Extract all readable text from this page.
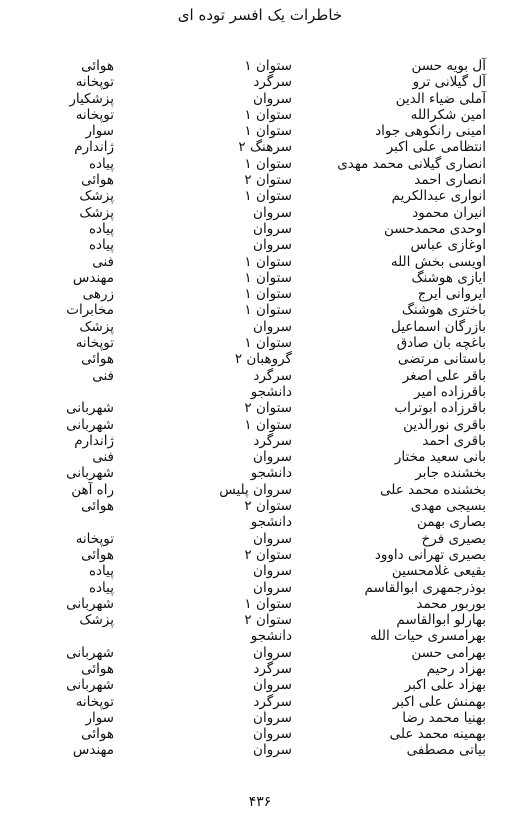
خاطرات یک افسر توده ای
آل بویه حسن
ستوان ۱
هوائی
آل گیلانی ترو
سرگرد
توپخانه
آملی ضیاء الدین
سروان
پزشکیار
امین شکرالله
ستوان ۱
توپخانه
امینی رانکوهی جواد
ستوان ۱
سوار
انتظامی علی اکبر
سرهنگ ۲
ژاندارم
انصاری گیلانی محمد مهدی
ستوان ۱
پیاده
انصاری احمد
ستوان ۲
هوائی
انواری عبدالکریم
ستوان ۱
پزشک
انیران محمود
سروان
پزشک
اوحدی محمدحسن
سروان
پیاده
اوغازی عباس
سروان
پیاده
اویسی بخش الله
ستوان ۱
فنی
ایازی هوشنگ
ستوان ۱
مهندس
ایروانی ایرج
ستوان ۱
زرهی
باختری هوشنگ
ستوان ۱
مخابرات
بازرگان اسماعیل
سروان
پزشک
باغچه بان صادق
ستوان ۱
توپخانه
باستانی مرتضی
گروهبان ۲
هوائی
باقر علی اصغر
سرگرد
فنی
باقرزاده امیر
دانشجو
باقرزاده ابوتراب
ستوان ۲
شهربانی
باقری نورالدین
ستوان ۱
شهربانی
باقری احمد
سرگرد
ژاندارم
بانی سعید مختار
سروان
فنی
بخشنده جابر
دانشجو
شهربانی
بخشنده محمد علی
سروان پلیس
راه آهن
بسیجی مهدی
ستوان ۲
هوائی
بصاری بهمن
دانشجو
بصیری فرخ
سروان
توپخانه
بصیری تهرانی داوود
ستوان ۲
هوائی
بقیعی غلامحسین
سروان
پیاده
بوذرجمهری ابوالقاسم
سروان
پیاده
بوربور محمد
ستوان ۱
شهربانی
بهارلو ابوالقاسم
ستوان ۲
پزشک
بهرامسری حیات الله
دانشجو
بهرامی حسن
سروان
شهربانی
بهزاد رحیم
سرگرد
هوائی
بهزاد علی اکبر
سروان
شهربانی
بهمنش علی اکبر
سرگرد
توپخانه
بهنیا محمد رضا
سروان
سوار
بهمینه محمد علی
سروان
هوائی
بیاتی مصطفی
سروان
مهندس
۴۳۶
